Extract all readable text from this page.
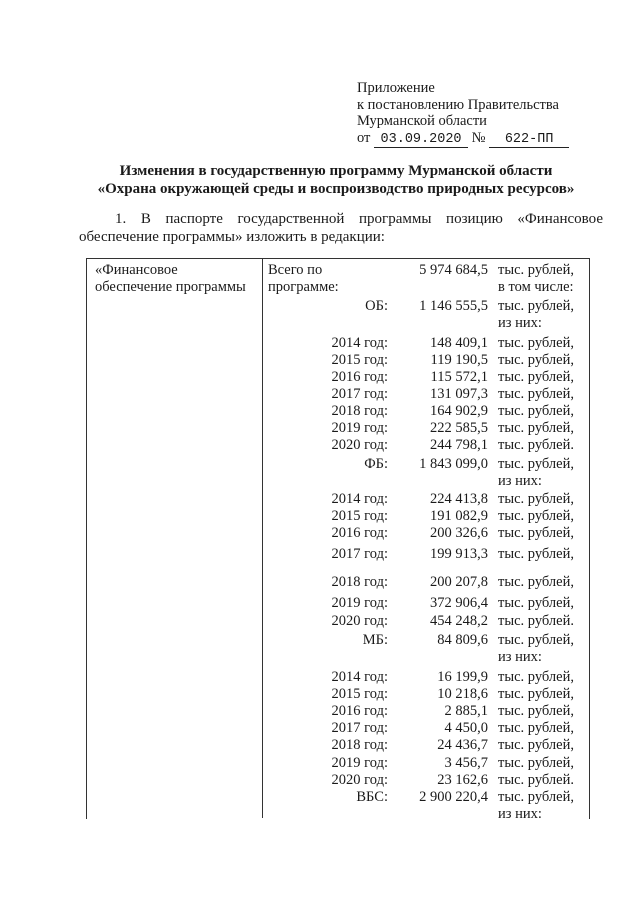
Приложение
к постановлению Правительства
Мурманской области
от 03.09.2020 № 622-ПП
Изменения в государственную программу Мурманской области
«Охрана окружающей среды и воспроизводство природных ресурсов»
1. В паспорте государственной программы позицию «Финансовое обеспечение программы» изложить в редакции:
«Финансовое
обеспечение программы
Всего по	5 974 684,5 тыс. рублей,
программе:	в том числе:
ОБ: 1 146 555,5 тыс. рублей,
из них:
2014 год:	148 409,1 тыс. рублей,
2015 год:	119 190,5 тыс. рублей,
2016 год:	115 572,1 тыс. рублей,
2017 год:	131 097,3 тыс. рублей,
2018 год:	164 902,9 тыс. рублей,
2019 год:	222 585,5 тыс. рублей,
2020 год:	244 798,1 тыс. рублей.
ФБ: 1 843 099,0 тыс. рублей,
из них:
2014 год:	224 413,8 тыс. рублей,
2015 год:	191 082,9 тыс. рублей,
2016 год:	200 326,6 тыс. рублей,
2017 год:	199 913,3 тыс. рублей,
2018 год:	200 207,8 тыс. рублей,
2019 год:	372 906,4 тыс. рублей,
2020 год:	454 248,2 тыс. рублей.
МБ:	84 809,6 тыс. рублей,
из них:
2014 год:	16 199,9 тыс. рублей,
2015 год:	10 218,6 тыс. рублей,
2016 год:	2 885,1 тыс. рублей,
2017 год:	4 450,0 тыс. рублей,
2018 год:	24 436,7 тыс. рублей,
2019 год:	3 456,7 тыс. рублей,
2020 год:	23 162,6 тыс. рублей.
ВБС: 2 900 220,4 тыс. рублей,
из них:
